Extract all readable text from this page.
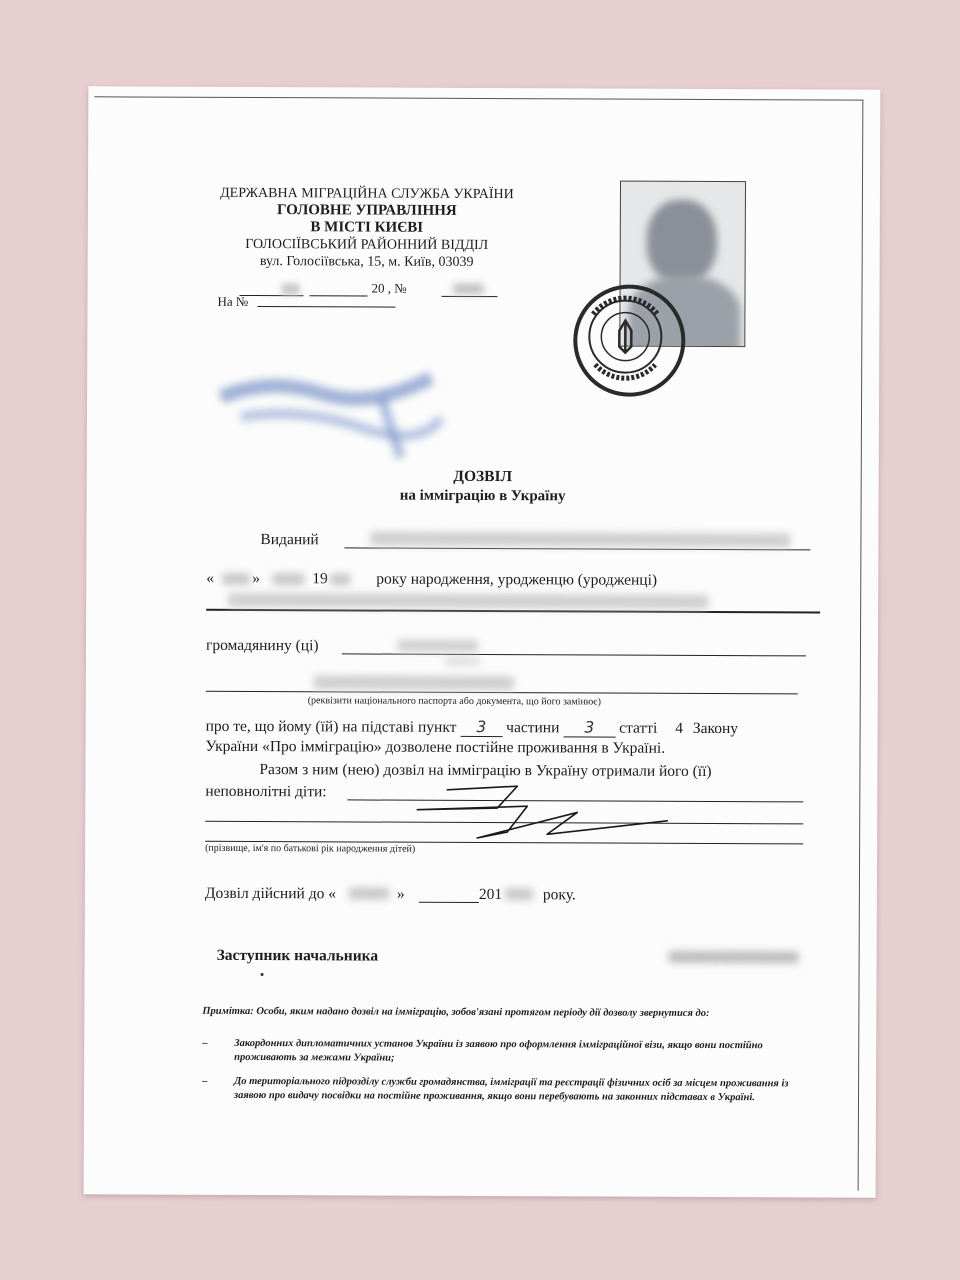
ДЕРЖАВНА МІГРАЦІЙНА СЛУЖБА УКРАЇНИ
ГОЛОВНЕ УПРАВЛІННЯ
В МІСТІ КИЄВІ
ГОЛОСІЇВСЬКИЙ РАЙОННИЙ ВІДДІЛ
вул. Голосіївська, 15, м. Київ, 03039
20 , №
На №
ДОЗВІЛ
на імміграцію в Україну
Виданий
« »	19	року народження, уродженцю (уродженці)
громадянину (ці)
(країна)
(реквізити національного паспорта або документа, що його замінює)
про те, що йому (їй) на підставі пункт 3 частини 3 статті 4 Закону
України «Про імміграцію» дозволене постійне проживання в Україні.
Разом з ним (нею) дозвіл на імміграцію в Україну отримали його (її)
неповнолітні діти:
(прізвище, ім'я по батькові рік народження дітей)
Дозвіл дійсний до «	»	201	року.
Заступник начальника
Примітка: Особи, яким надано дозвіл на імміграцію, зобов'язані протягом періоду дії дозволу звернутися до:
–	Закордонних дипломатичних установ України із заявою про оформлення імміграційної візи, якщо вони постійно проживають за межами України;
–	До територіального підрозділу служби громадянства, імміграції та реєстрації фізичних осіб за місцем проживання із заявою про видачу посвідки на постійне проживання, якщо вони перебувають на законних підставах в Україні.
